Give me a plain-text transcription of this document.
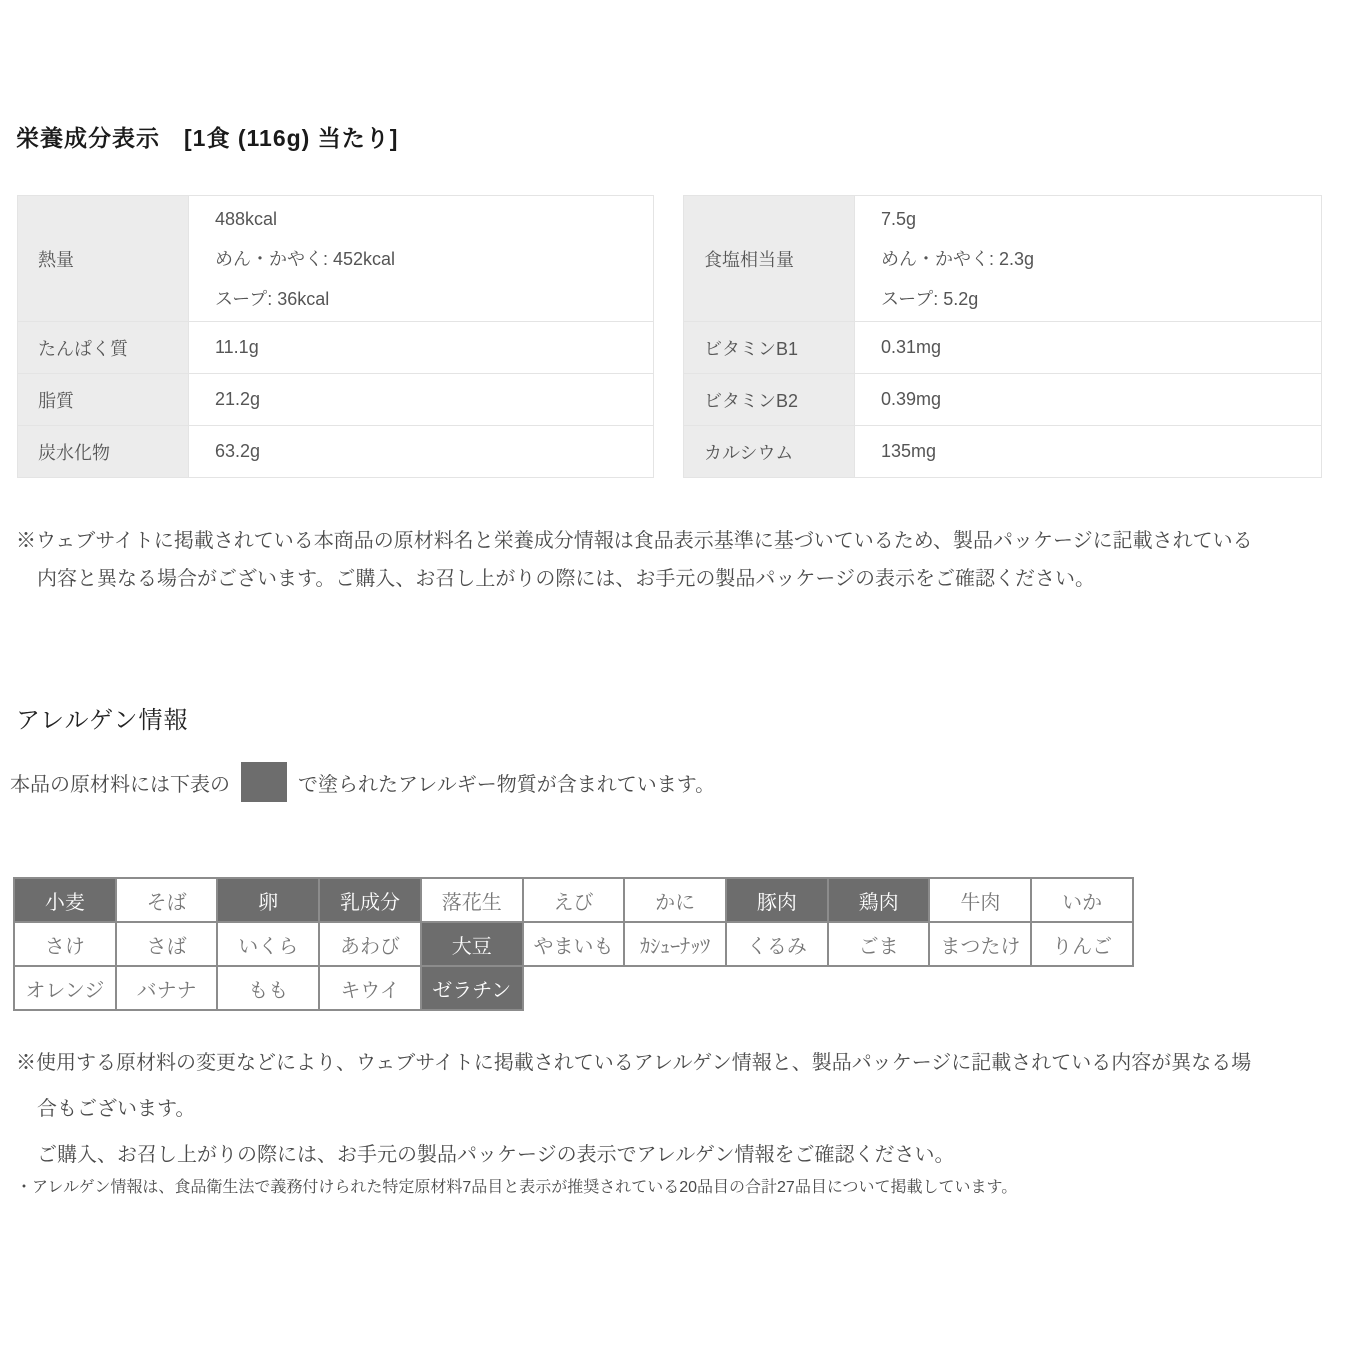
栄養成分表示　[1食 (116g) 当たり]
熱量	488kcal
めん・かやく: 452kcal
スープ: 36kcal

たんぱく質	11.1g
脂質	21.2g
炭水化物	63.2g
食塩相当量	7.5g
めん・かやく: 2.3g
スープ: 5.2g

ビタミンB1	0.31mg
ビタミンB2	0.39mg
カルシウム	135mg
※ウェブサイトに掲載されている本商品の原材料名と栄養成分情報は食品表示基準に基づいているため、製品パッケージに記載されている
内容と異なる場合がございます。ご購入、お召し上がりの際には、お手元の製品パッケージの表示をご確認ください。
アレルゲン情報
本品の原材料には下表の	で塗られたアレルギー物質が含まれています。
小麦	そば	卵	乳成分	落花生	えび	かに	豚肉	鶏肉	牛肉	いか
さけ	さば	いくら	あわび	大豆	やまいも	ｶｼｭｰﾅｯﾂ	くるみ	ごま	まつたけ	りんご
オレンジ	バナナ	もも	キウイ	ゼラチン						
※使用する原材料の変更などにより、ウェブサイトに掲載されているアレルゲン情報と、製品パッケージに記載されている内容が異なる場
合もございます。
ご購入、お召し上がりの際には、お手元の製品パッケージの表示でアレルゲン情報をご確認ください。
・アレルゲン情報は、食品衛生法で義務付けられた特定原材料7品目と表示が推奨されている20品目の合計27品目について掲載しています。
